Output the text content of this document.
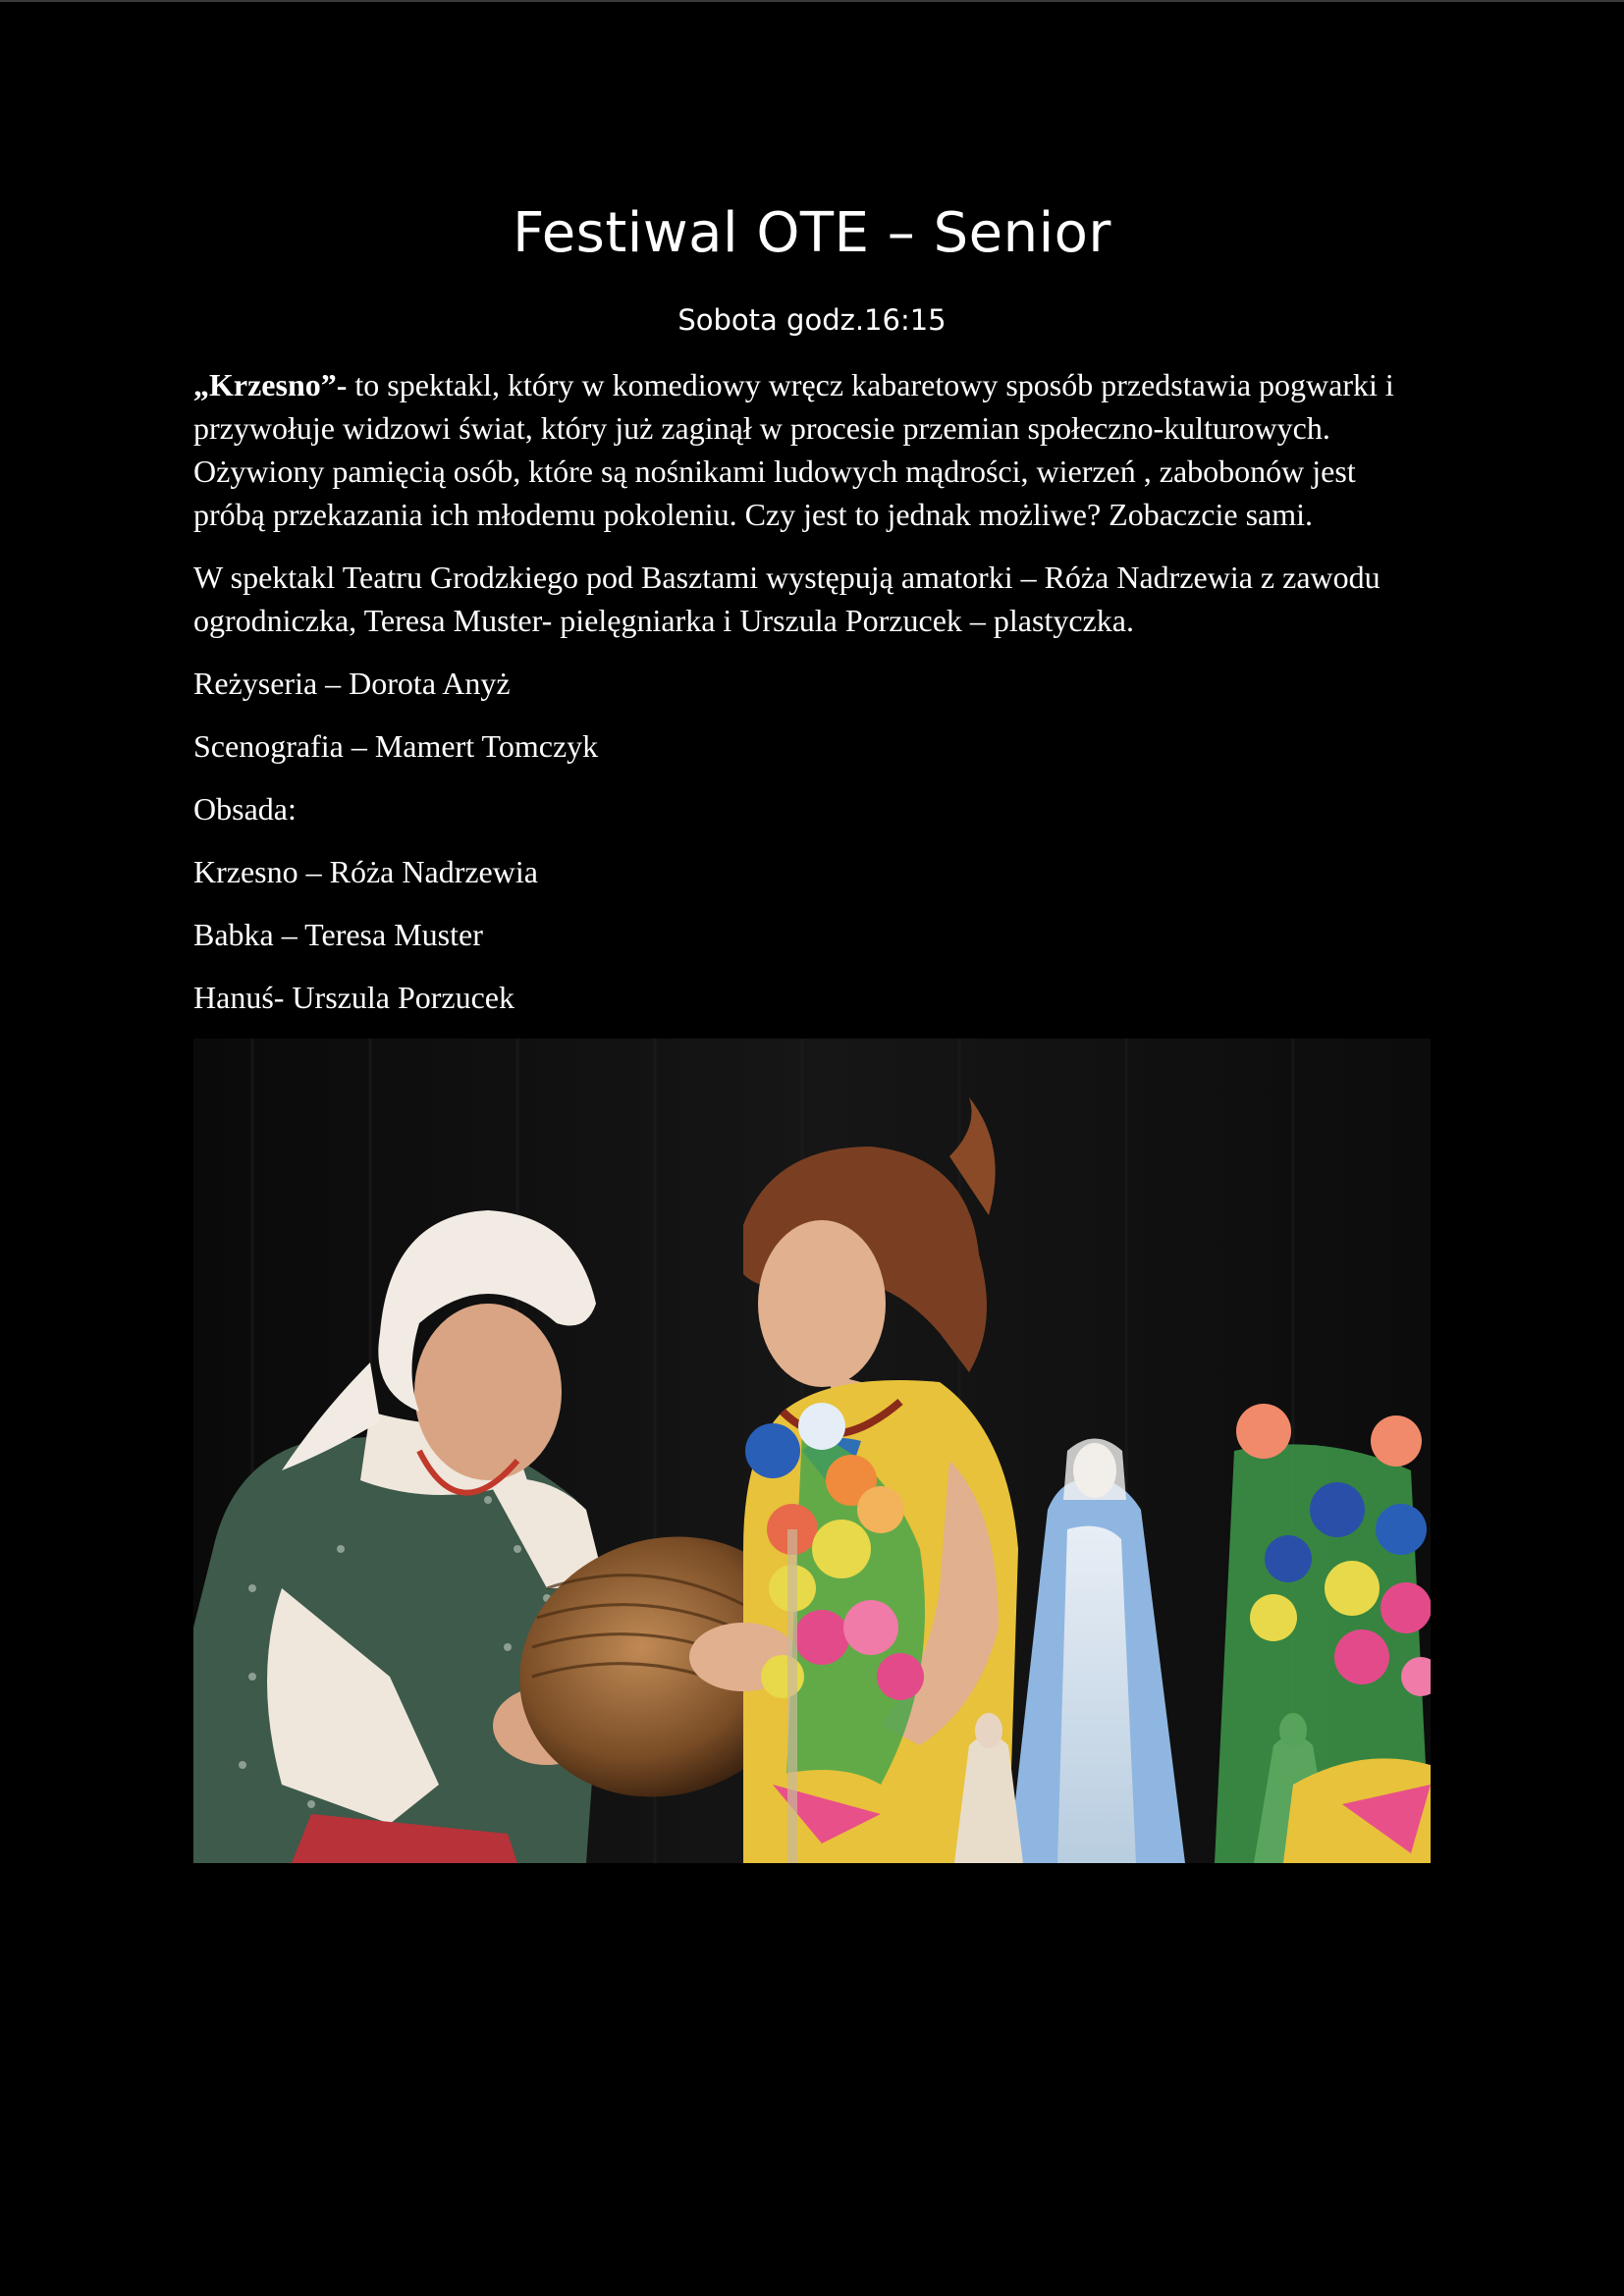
Festiwal OTE – Senior
Sobota godz.16:15

„Krzesno”- to spektakl, który w komediowy wręcz kabaretowy sposób przedstawia pogwarki i przywołuje widzowi świat, który już zaginął w procesie przemian społeczno-kulturowych. Ożywiony pamięcią osób, które są nośnikami ludowych mądrości, wierzeń , zabobonów jest próbą przekazania ich młodemu pokoleniu. Czy jest to jednak możliwe? Zobaczcie sami.

W spektakl Teatru Grodzkiego pod Basztami występują amatorki – Róża Nadrzewia z zawodu ogrodniczka, Teresa Muster- pielęgniarka i Urszula Porzucek – plastyczka.

Reżyseria – Dorota Anyż

Scenografia – Mamert Tomczyk

Obsada:

Krzesno – Róża Nadrzewia

Babka – Teresa Muster

Hanuś- Urszula Porzucek
